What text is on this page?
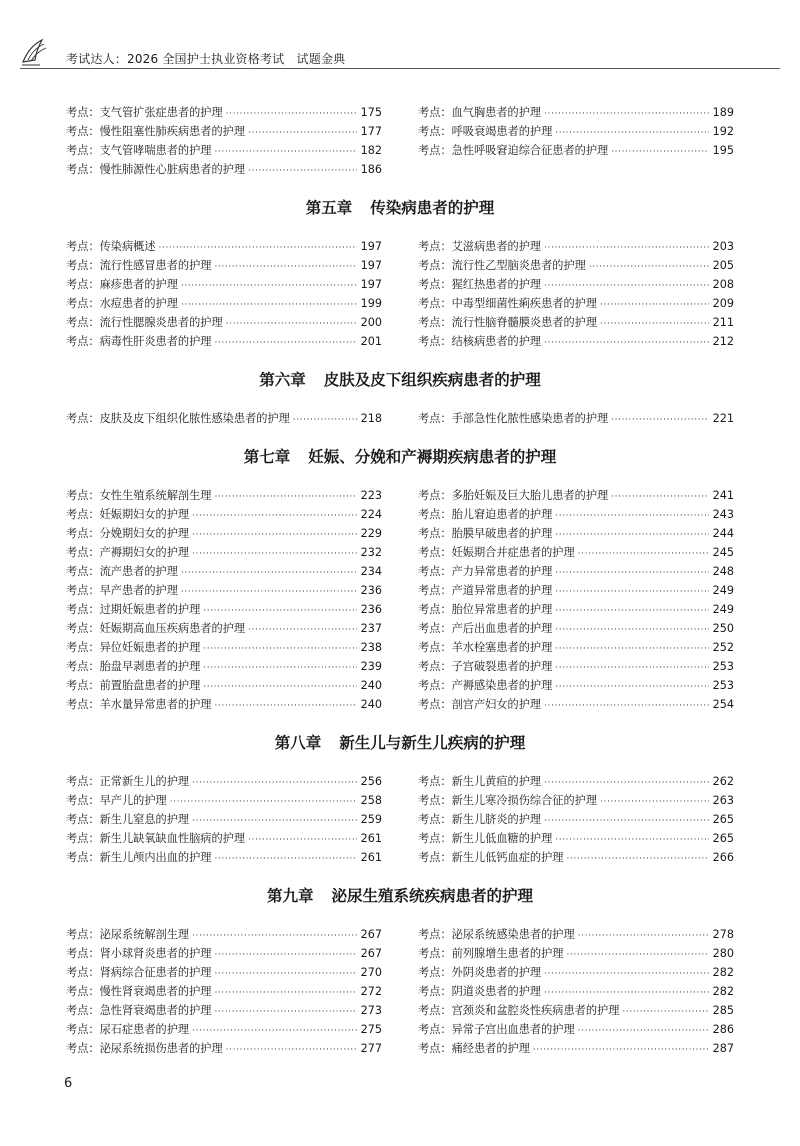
考试达人：2026 全国护士执业资格考试　试题金典
考点： 支气管扩张症患者的护理 ·····	175
考点： 慢性阻塞性肺疾病患者的护理 ·····	177
考点： 支气管哮喘患者的护理 ·····	182
考点： 慢性肺源性心脏病患者的护理 ·····	186
考点： 血气胸患者的护理 ·····	189
考点： 呼吸衰竭患者的护理 ·····	192
考点： 急性呼吸窘迫综合征患者的护理 ·····	195
第五章 传染病患者的护理
考点： 传染病概述 ·····	197
考点： 流行性感冒患者的护理 ·····	197
考点： 麻疹患者的护理 ·····	197
考点： 水痘患者的护理 ·····	199
考点： 流行性腮腺炎患者的护理 ·····	200
考点： 病毒性肝炎患者的护理 ·····	201
考点： 艾滋病患者的护理 ·····	203
考点： 流行性乙型脑炎患者的护理 ·····	205
考点： 猩红热患者的护理 ·····	208
考点： 中毒型细菌性痢疾患者的护理 ·····	209
考点： 流行性脑脊髓膜炎患者的护理 ·····	211
考点： 结核病患者的护理 ·····	212
第六章 皮肤及皮下组织疾病患者的护理
考点： 皮肤及皮下组织化脓性感染患者的护理 ·····	218	考点： 手部急性化脓性感染患者的护理 ·····	221
第七章 妊娠、分娩和产褥期疾病患者的护理
考点： 女性生殖系统解剖生理 ·····	223
考点： 妊娠期妇女的护理 ·····	224
考点： 分娩期妇女的护理 ·····	229
考点： 产褥期妇女的护理 ·····	232
考点： 流产患者的护理 ·····	234
考点： 早产患者的护理 ·····	236
考点： 过期妊娠患者的护理 ·····	236
考点： 妊娠期高血压疾病患者的护理 ·····	237
考点： 异位妊娠患者的护理 ·····	238
考点： 胎盘早剥患者的护理 ·····	239
考点： 前置胎盘患者的护理 ·····	240
考点： 羊水量异常患者的护理 ·····	240
考点： 多胎妊娠及巨大胎儿患者的护理 ·····	241
考点： 胎儿窘迫患者的护理 ·····	243
考点： 胎膜早破患者的护理 ·····	244
考点： 妊娠期合并症患者的护理 ·····	245
考点： 产力异常患者的护理 ·····	248
考点： 产道异常患者的护理 ·····	249
考点： 胎位异常患者的护理 ·····	249
考点： 产后出血患者的护理 ·····	250
考点： 羊水栓塞患者的护理 ·····	252
考点： 子宫破裂患者的护理 ·····	253
考点： 产褥感染患者的护理 ·····	253
考点： 剖宫产妇女的护理 ·····	254
第八章 新生儿与新生儿疾病的护理
考点： 正常新生儿的护理 ·····	256
考点： 早产儿的护理 ·····	258
考点： 新生儿窒息的护理 ·····	259
考点： 新生儿缺氧缺血性脑病的护理 ·····	261
考点： 新生儿颅内出血的护理 ·····	261
考点： 新生儿黄疸的护理 ·····	262
考点： 新生儿寒冷损伤综合征的护理 ·····	263
考点： 新生儿脐炎的护理 ·····	265
考点： 新生儿低血糖的护理 ·····	265
考点： 新生儿低钙血症的护理 ·····	266
第九章 泌尿生殖系统疾病患者的护理
考点： 泌尿系统解剖生理 ·····	267
考点： 肾小球肾炎患者的护理 ·····	267
考点： 肾病综合征患者的护理 ·····	270
考点： 慢性肾衰竭患者的护理 ·····	272
考点： 急性肾衰竭患者的护理 ·····	273
考点： 尿石症患者的护理 ·····	275
考点： 泌尿系统损伤患者的护理 ·····	277
考点： 泌尿系统感染患者的护理 ·····	278
考点： 前列腺增生患者的护理 ·····	280
考点： 外阴炎患者的护理 ·····	282
考点： 阴道炎患者的护理 ·····	282
考点： 宫颈炎和盆腔炎性疾病患者的护理 ·····	285
考点： 异常子宫出血患者的护理 ·····	286
考点： 痛经患者的护理 ·····	287
6
